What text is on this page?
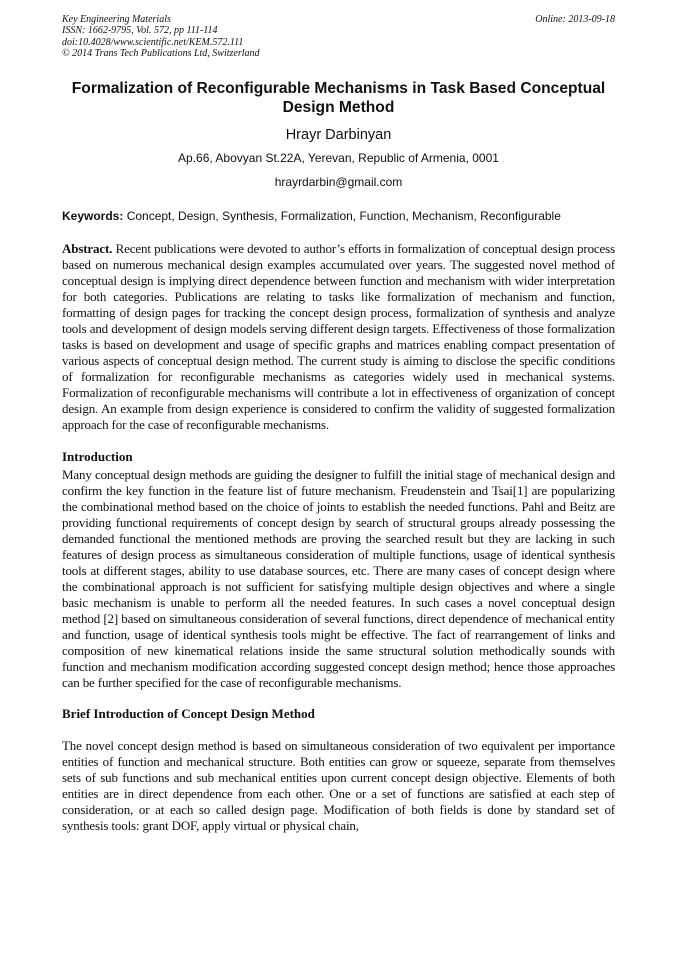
Key Engineering Materials
ISSN: 1662-9795, Vol. 572, pp 111-114
doi:10.4028/www.scientific.net/KEM.572.111
© 2014 Trans Tech Publications Ltd, Switzerland
Online: 2013-09-18
Formalization of Reconfigurable Mechanisms in Task Based Conceptual Design Method
Hrayr Darbinyan
Ap.66, Abovyan St.22A, Yerevan, Republic of Armenia, 0001
hrayrdarbin@gmail.com
Keywords: Concept, Design, Synthesis, Formalization, Function, Mechanism, Reconfigurable

Abstract. Recent publications were devoted to author’s efforts in formalization of conceptual design process based on numerous mechanical design examples accumulated over years. The suggested novel method of conceptual design is implying direct dependence between function and mechanism with wider interpretation for both categories. Publications are relating to tasks like formalization of mechanism and function, formatting of design pages for tracking the concept design process, formalization of synthesis and analyze tools and development of design models serving different design targets. Effectiveness of those formalization tasks is based on development and usage of specific graphs and matrices enabling compact presentation of various aspects of conceptual design method. The current study is aiming to disclose the specific conditions of formalization for reconfigurable mechanisms as categories widely used in mechanical systems. Formalization of reconfigurable mechanisms will contribute a lot in effectiveness of organization of concept design. An example from design experience is considered to confirm the validity of suggested formalization approach for the case of reconfigurable mechanisms.

Introduction

Many conceptual design methods are guiding the designer to fulfill the initial stage of mechanical design and confirm the key function in the feature list of future mechanism. Freudenstein and Tsai[1] are popularizing the combinational method based on the choice of joints to establish the needed functions. Pahl and Beitz are providing functional requirements of concept design by search of structural groups already possessing the demanded functional the mentioned methods are proving the searched result but they are lacking in such features of design process as simultaneous consideration of multiple functions, usage of identical synthesis tools at different stages, ability to use database sources, etc. There are many cases of concept design where the combinational approach is not sufficient for satisfying multiple design objectives and where a single basic mechanism is unable to perform all the needed features. In such cases a novel conceptual design method [2] based on simultaneous consideration of several functions, direct dependence of mechanical entity and function, usage of identical synthesis tools might be effective. The fact of rearrangement of links and composition of new kinematical relations inside the same structural solution methodically sounds with function and mechanism modification according suggested concept design method; hence those approaches can be further specified for the case of reconfigurable mechanisms.

Brief Introduction of Concept Design Method

The novel concept design method is based on simultaneous consideration of two equivalent per importance entities of function and mechanical structure. Both entities can grow or squeeze, separate from themselves sets of sub functions and sub mechanical entities upon current concept design objective. Elements of both entities are in direct dependence from each other. One or a set of functions are satisfied at each step of consideration, or at each so called design page. Modification of both fields is done by standard set of synthesis tools: grant DOF, apply virtual or physical chain,
